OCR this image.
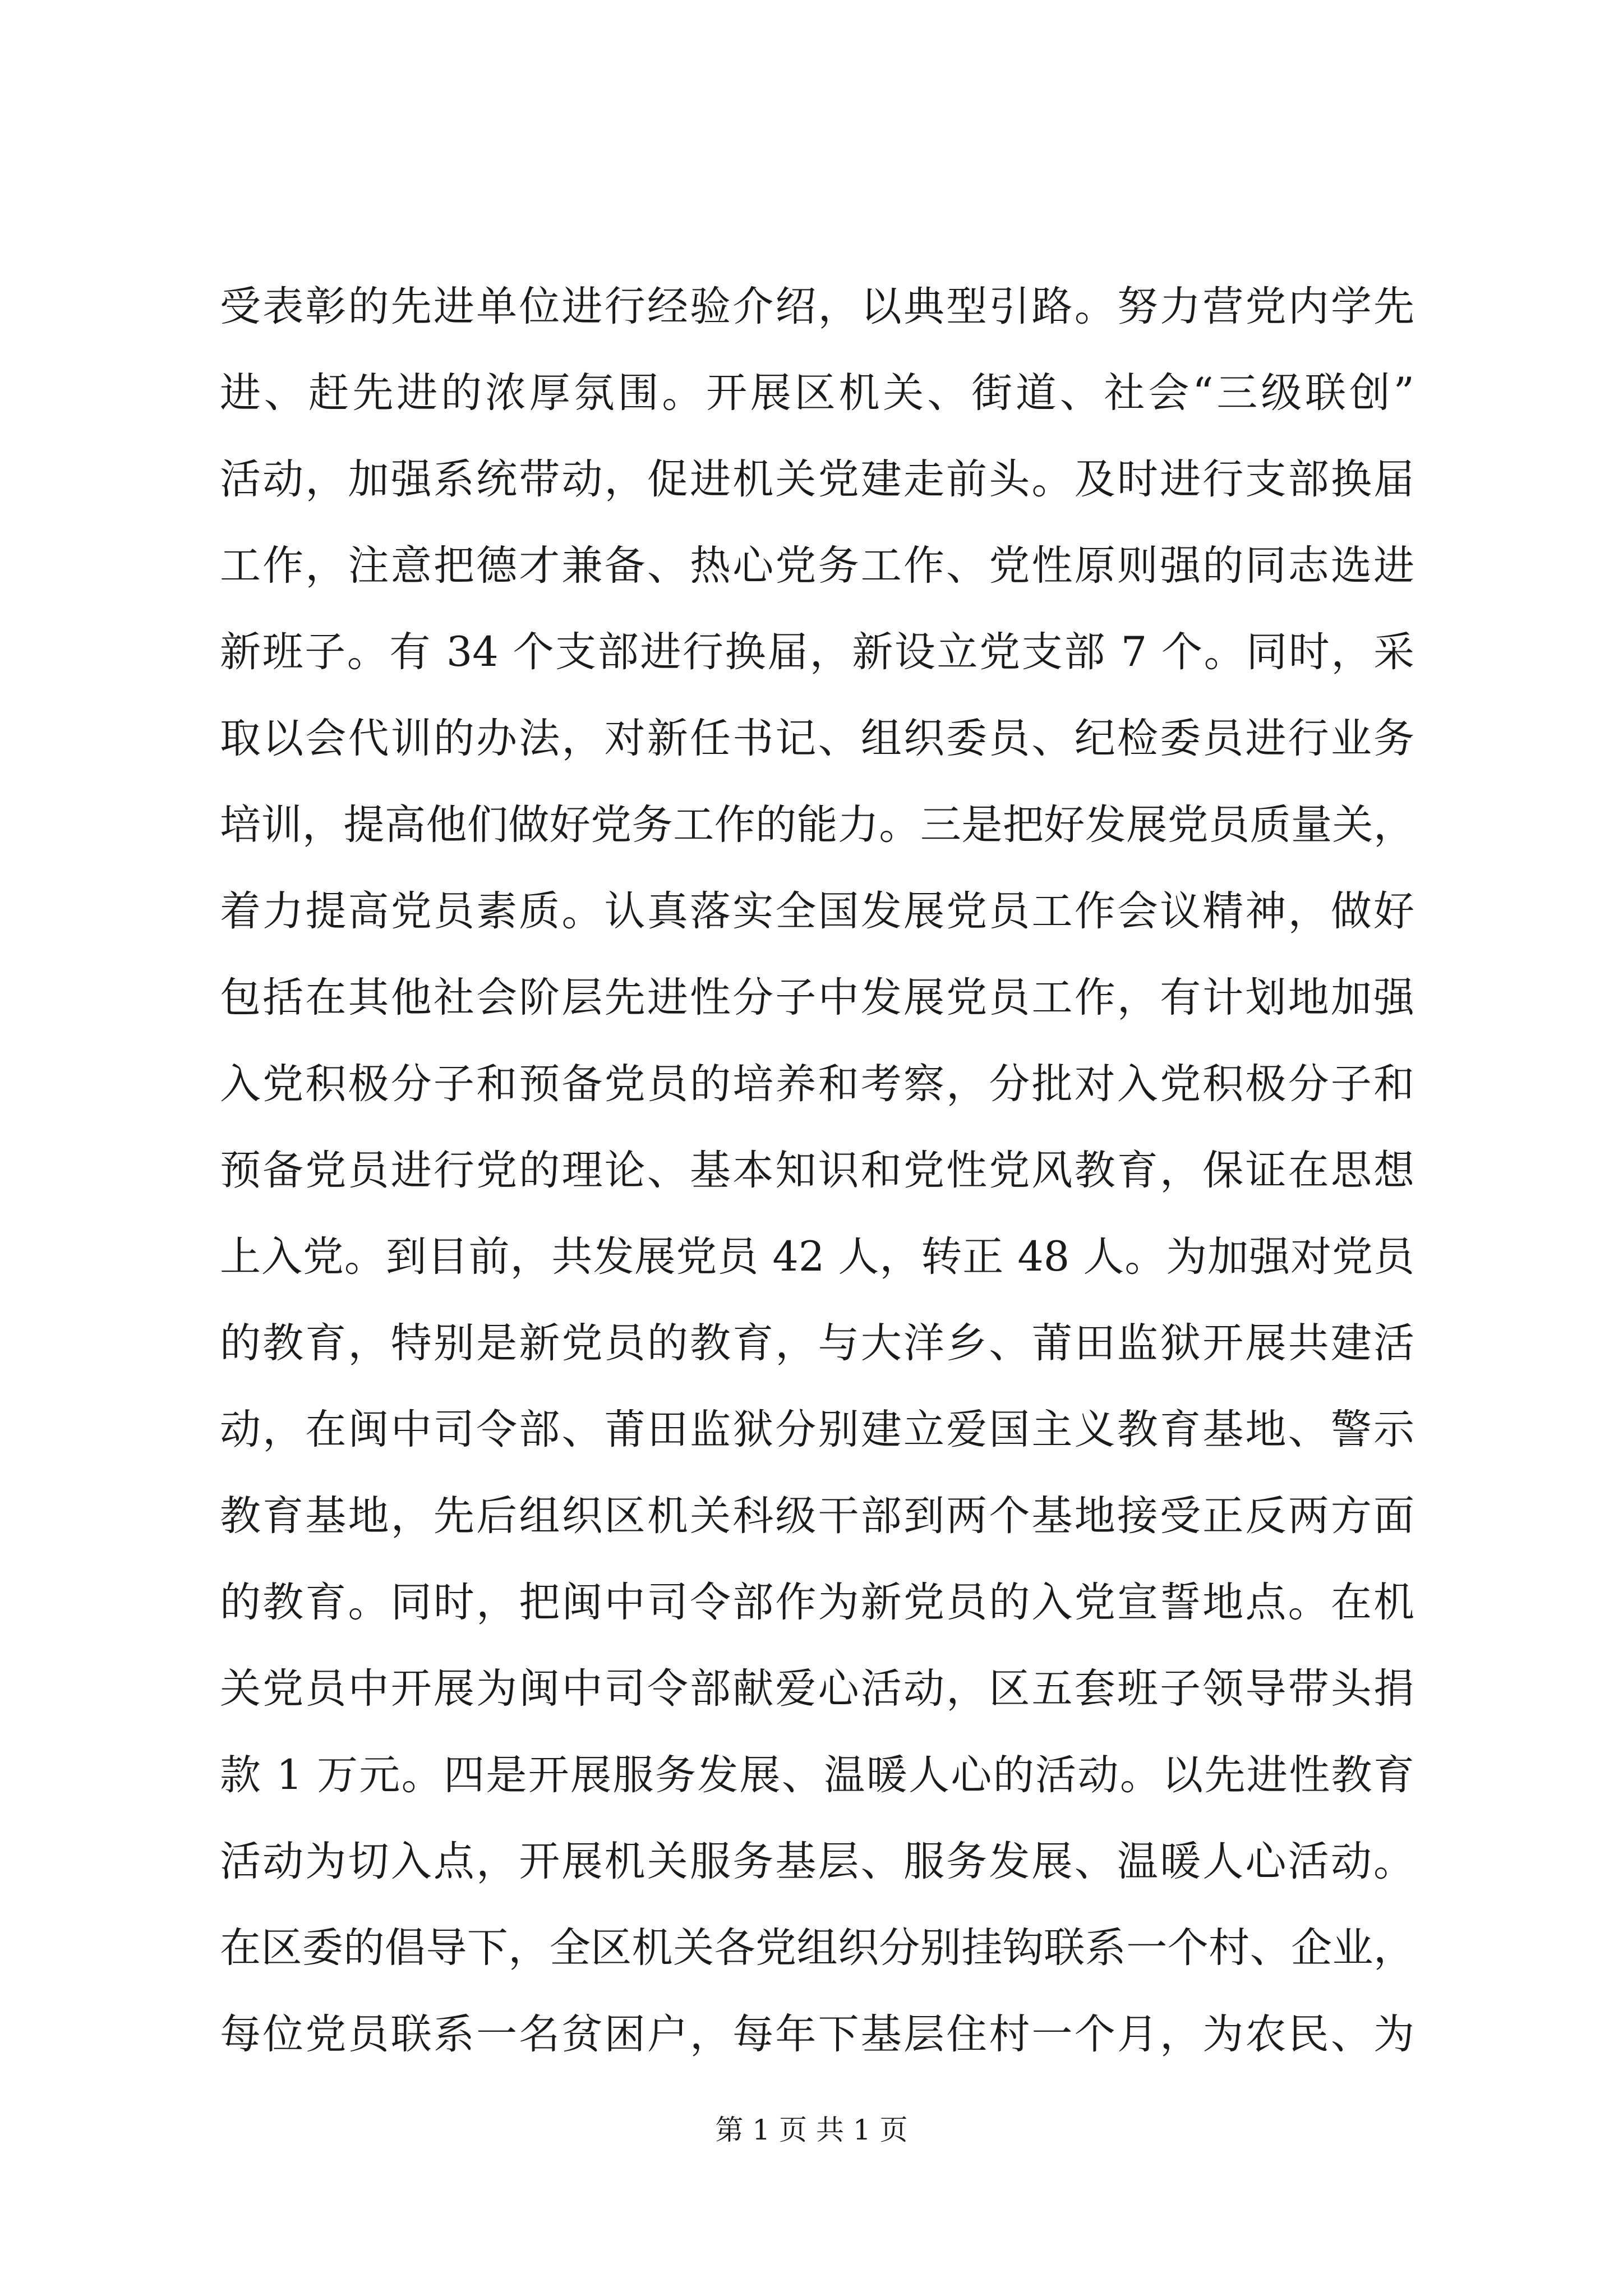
受表彰的先进单位进行经验介绍，以典型引路。努力营党内学先
进、赶先进的浓厚氛围。开展区机关、街道、社会“三级联创”
活动，加强系统带动，促进机关党建走前头。及时进行支部换届
工作，注意把德才兼备、热心党务工作、党性原则强的同志选进
新班子。有 34 个支部进行换届，新设立党支部 7 个。同时，采
取以会代训的办法，对新任书记、组织委员、纪检委员进行业务
培训，提高他们做好党务工作的能力。三是把好发展党员质量关，
着力提高党员素质。认真落实全国发展党员工作会议精神，做好
包括在其他社会阶层先进性分子中发展党员工作，有计划地加强
入党积极分子和预备党员的培养和考察，分批对入党积极分子和
预备党员进行党的理论、基本知识和党性党风教育，保证在思想
上入党。到目前，共发展党员 42 人，转正 48 人。为加强对党员
的教育，特别是新党员的教育，与大洋乡、莆田监狱开展共建活
动，在闽中司令部、莆田监狱分别建立爱国主义教育基地、警示
教育基地，先后组织区机关科级干部到两个基地接受正反两方面
的教育。同时，把闽中司令部作为新党员的入党宣誓地点。在机
关党员中开展为闽中司令部献爱心活动，区五套班子领导带头捐
款 1 万元。四是开展服务发展、温暖人心的活动。以先进性教育
活动为切入点，开展机关服务基层、服务发展、温暖人心活动。
在区委的倡导下，全区机关各党组织分别挂钩联系一个村、企业，
每位党员联系一名贫困户，每年下基层住村一个月，为农民、为
第 1 页 共 1 页
